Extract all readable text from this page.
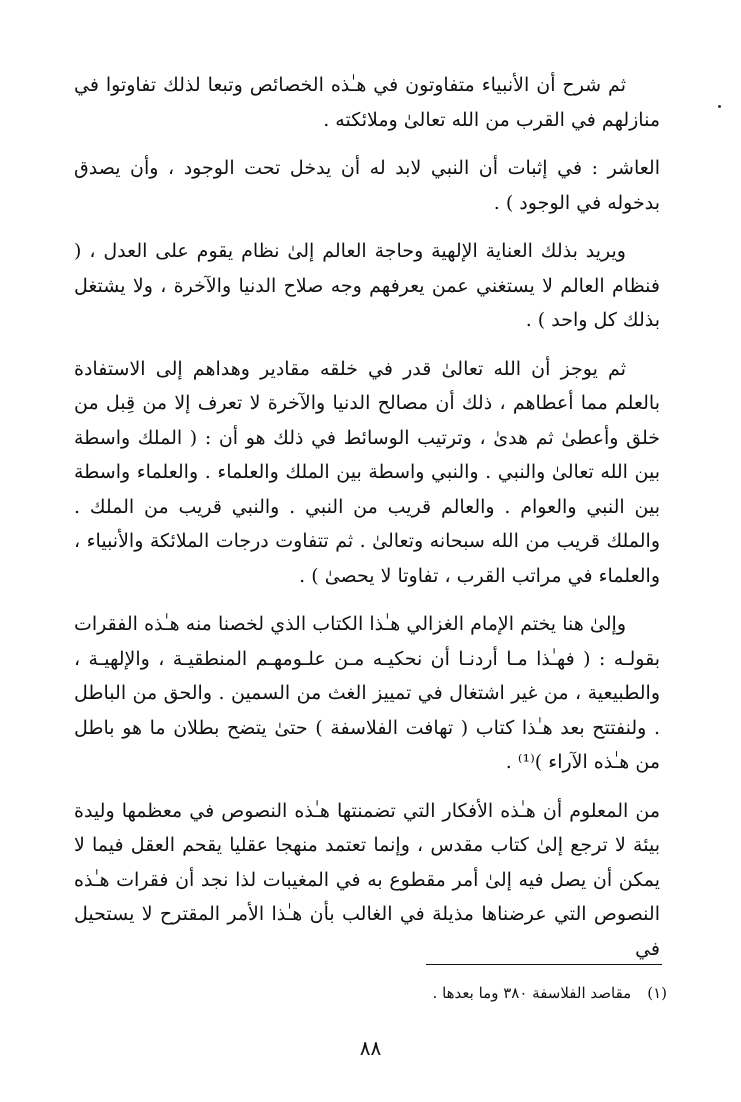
ثم شرح أن الأنبياء متفاوتون في هـٰذه الخصائص وتبعا لذلك تفاوتوا في منازلهم في القرب من الله تعالىٰ وملائكته .

العاشر : في إثبات أن النبي لابد له أن يدخل تحت الوجود ، وأن يصدق بدخوله في الوجود ) .

ويريد بذلك العناية الإلهية وحاجة العالم إلىٰ نظام يقوم على العدل ، ( فنظام العالم لا يستغني عمن يعرفهم وجه صلاح الدنيا والآخرة ، ولا يشتغل بذلك كل واحد ) .

ثم يوجز أن الله تعالىٰ قدر في خلقه مقادير وهداهم إلى الاستفادة بالعلم مما أعطاهم ، ذلك أن مصالح الدنيا والآخرة لا تعرف إلا من قِبل من خلق وأعطىٰ ثم هدىٰ ، وترتيب الوسائط في ذلك هو أن : ( الملك واسطة بين الله تعالىٰ والنبي . والنبي واسطة بين الملك والعلماء . والعلماء واسطة بين النبي والعوام . والعالم قريب من النبي . والنبي قريب من الملك . والملك قريب من الله سبحانه وتعالىٰ . ثم تتفاوت درجات الملائكة والأنبياء ، والعلماء في مراتب القرب ، تفاوتا لا يحصىٰ ) .

وإلىٰ هنا يختم الإمام الغزالي هـٰذا الكتاب الذي لخصنا منه هـٰذه الفقرات بقولـه : ( فهـٰذا مـا أردنـا أن نحكيـه مـن علـومهـم المنطقيـة ، والإلهيـة ، والطبيعية ، من غير اشتغال في تمييز الغث من السمين . والحق من الباطل . ولنفتتح بعد هـٰذا كتاب ( تهافت الفلاسفة ) حتىٰ يتضح بطلان ما هو باطل من هـٰذه الآراء )⁽¹⁾ .

من المعلوم أن هـٰذه الأفكار التي تضمنتها هـٰذه النصوص في معظمها وليدة بيئة لا ترجع إلىٰ كتاب مقدس ، وإنما تعتمد منهجا عقليا يقحم العقل فيما لا يمكن أن يصل فيه إلىٰ أمر مقطوع به في المغيبات لذا نجد أن فقرات هـٰذه النصوص التي عرضناها مذيلة في الغالب بأن هـٰذا الأمر المقترح لا يستحيل في

(١)مقاصد الفلاسفة ٣٨٠ وما بعدها .
٨٨
